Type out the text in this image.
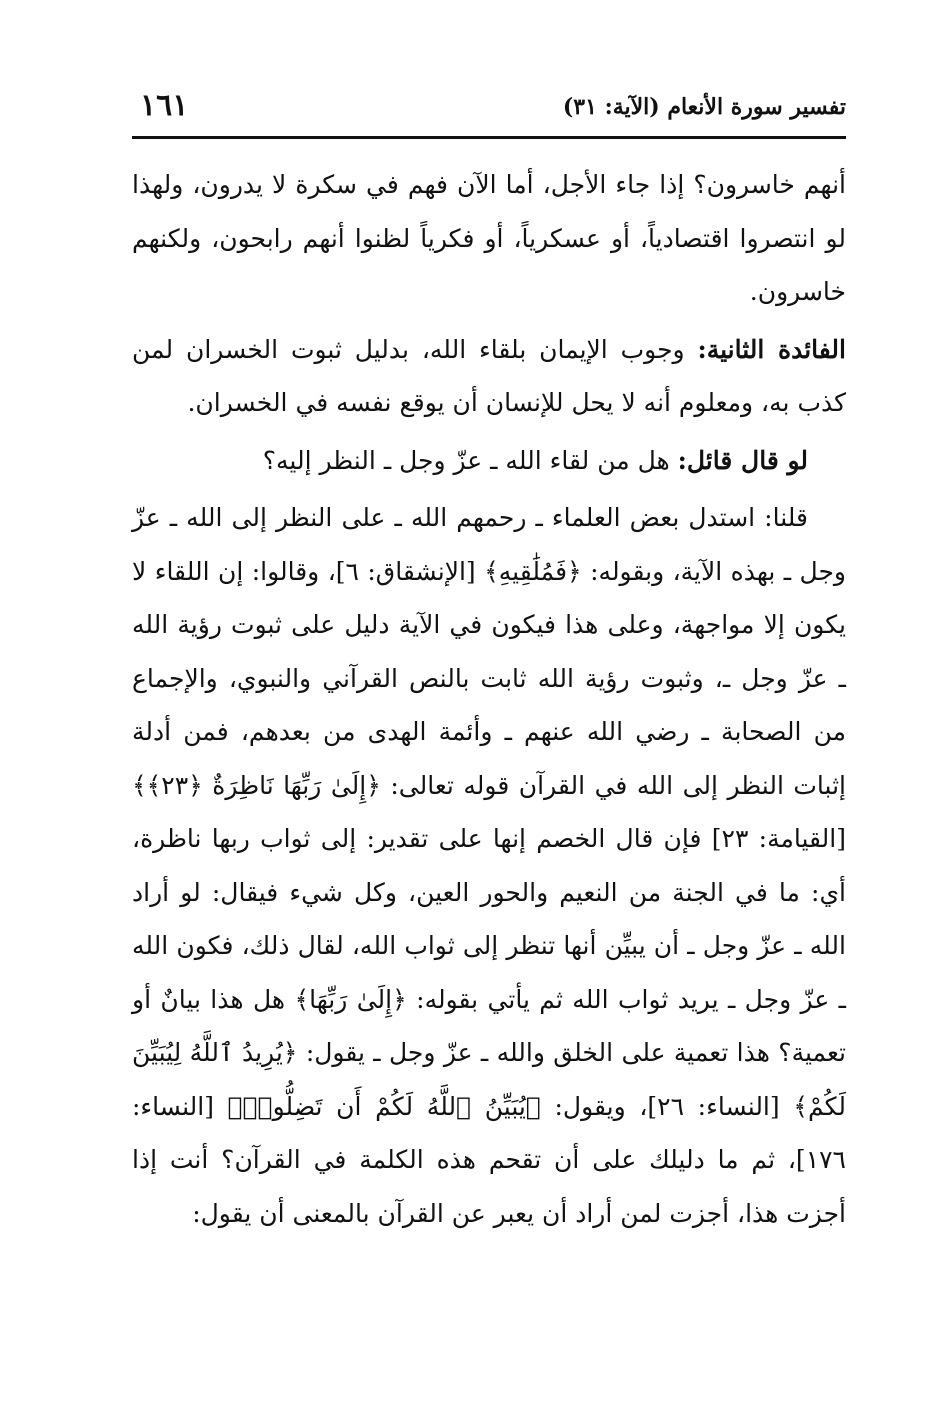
تفسير سورة الأنعام (الآية: ٣١)
١٦١

أنهم خاسرون؟ إذا جاء الأجل، أما الآن فهم في سكرة لا يدرون، ولهذا لو انتصروا اقتصادياً، أو عسكرياً، أو فكرياً لظنوا أنهم رابحون، ولكنهم خاسرون.

الفائدة الثانية: وجوب الإيمان بلقاء الله، بدليل ثبوت الخسران لمن كذب به، ومعلوم أنه لا يحل للإنسان أن يوقع نفسه في الخسران.

لو قال قائل: هل من لقاء الله ـ عزّ وجل ـ النظر إليه؟

قلنا: استدل بعض العلماء ـ رحمهم الله ـ على النظر إلى الله ـ عزّ وجل ـ بهذه الآية، وبقوله: ﴿فَمُلَٰقِيهِ﴾ [الإنشقاق: ٦]، وقالوا: إن اللقاء لا يكون إلا مواجهة، وعلى هذا فيكون في الآية دليل على ثبوت رؤية الله ـ عزّ وجل ـ، وثبوت رؤية الله ثابت بالنص القرآني والنبوي، والإجماع من الصحابة ـ رضي الله عنهم ـ وأئمة الهدى من بعدهم، فمن أدلة إثبات النظر إلى الله في القرآن قوله تعالى: ﴿إِلَىٰ رَبِّهَا نَاظِرَةٌ ﴿٢٣﴾﴾ [القيامة: ٢٣] فإن قال الخصم إنها على تقدير: إلى ثواب ربها ناظرة، أي: ما في الجنة من النعيم والحور العين، وكل شيء فيقال: لو أراد الله ـ عزّ وجل ـ أن يبيِّن أنها تنظر إلى ثواب الله، لقال ذلك، فكون الله ـ عزّ وجل ـ يريد ثواب الله ثم يأتي بقوله: ﴿إِلَىٰ رَبِّهَا﴾ هل هذا بيانٌ أو تعمية؟ هذا تعمية على الخلق والله ـ عزّ وجل ـ يقول: ﴿يُرِيدُ ٱللَّهُ لِيُبَيِّنَ لَكُمْ﴾ [النساء: ٢٦]، ويقول: ﴿يُبَيِّنُ ٱللَّهُ لَكُمْ أَن تَضِلُّوا۟﴾ [النساء: ١٧٦]، ثم ما دليلك على أن تقحم هذه الكلمة في القرآن؟ أنت إذا أجزت هذا، أجزت لمن أراد أن يعبر عن القرآن بالمعنى أن يقول:
